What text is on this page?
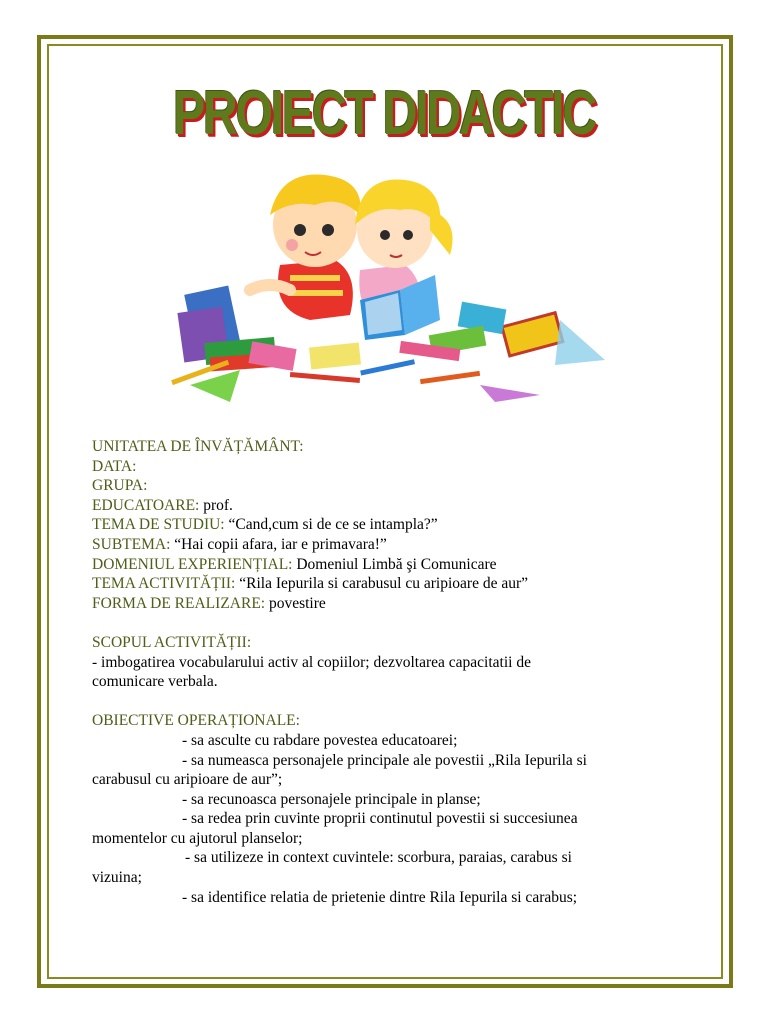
PROIECT DIDACTIC
UNITATEA DE ÎNVĂȚĂMÂNT:
DATA:
GRUPA:
EDUCATOARE: prof.
TEMA DE STUDIU: “Cand,cum si de ce se intampla?”
SUBTEMA: “Hai copii afara, iar e primavara!”
DOMENIUL EXPERIENȚIAL: Domeniul Limbă şi Comunicare
TEMA ACTIVITĂȚII: “Rila Iepurila si carabusul cu aripioare de aur”
FORMA DE REALIZARE: povestire
SCOPUL ACTIVITĂȚII:
- imbogatirea vocabularului activ al copiilor; dezvoltarea capacitatii de
comunicare verbala.
OBIECTIVE OPERAȚIONALE:
- sa asculte cu rabdare povestea educatoarei;
- sa numeasca personajele principale ale povestii „Rila Iepurila si
carabusul cu aripioare de aur”;
- sa recunoasca personajele principale in planse;
- sa redea prin cuvinte proprii continutul povestii si succesiunea
momentelor cu ajutorul planselor;
- sa utilizeze in context cuvintele: scorbura, paraias, carabus si
vizuina;
- sa identifice relatia de prietenie dintre Rila Iepurila si carabus;
